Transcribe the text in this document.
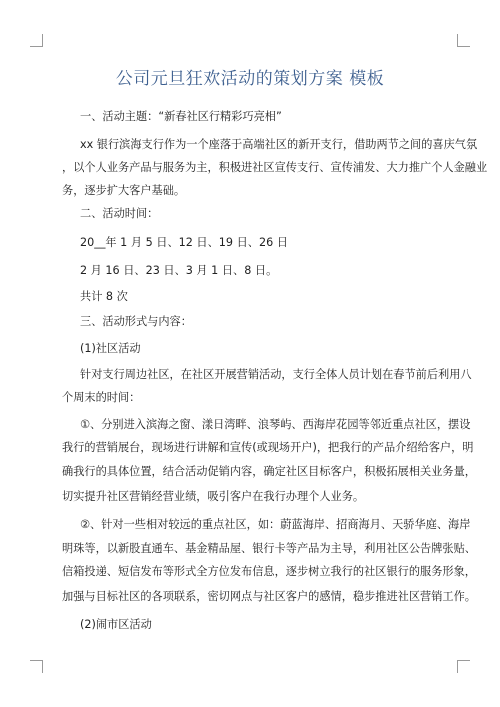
公司元旦狂欢活动的策划方案 模板
一、活动主题：“新春社区行精彩巧亮相”
xx 银行滨海支行作为一个座落于高端社区的新开支行，借助两节之间的喜庆气氛
，以个人业务产品与服务为主，积极进社区宣传支行、宣传浦发、大力推广个人金融业
务，逐步扩大客户基础。
二、活动时间：
20__年 1 月 5 日、12 日、19 日、26 日
2 月 16 日、23 日、3 月 1 日、8 日。
共计 8 次
三、活动形式与内容：
(1)社区活动
针对支行周边社区，在社区开展营销活动，支行全体人员计划在春节前后利用八
个周末的时间：
①、分别进入滨海之窗、漾日湾畔、浪琴屿、西海岸花园等邻近重点社区，摆设
我行的营销展台，现场进行讲解和宣传(或现场开户)，把我行的产品介绍给客户，明
确我行的具体位置，结合活动促销内容，确定社区目标客户，积极拓展相关业务量，
切实提升社区营销经营业绩，吸引客户在我行办理个人业务。
②、针对一些相对较远的重点社区，如：蔚蓝海岸、招商海月、天骄华庭、海岸
明珠等，以新股直通车、基金精品屋、银行卡等产品为主导，利用社区公告牌张贴、
信箱投递、短信发布等形式全方位发布信息，逐步树立我行的社区银行的服务形象，
加强与目标社区的各项联系，密切网点与社区客户的感情，稳步推进社区营销工作。
(2)闹市区活动
